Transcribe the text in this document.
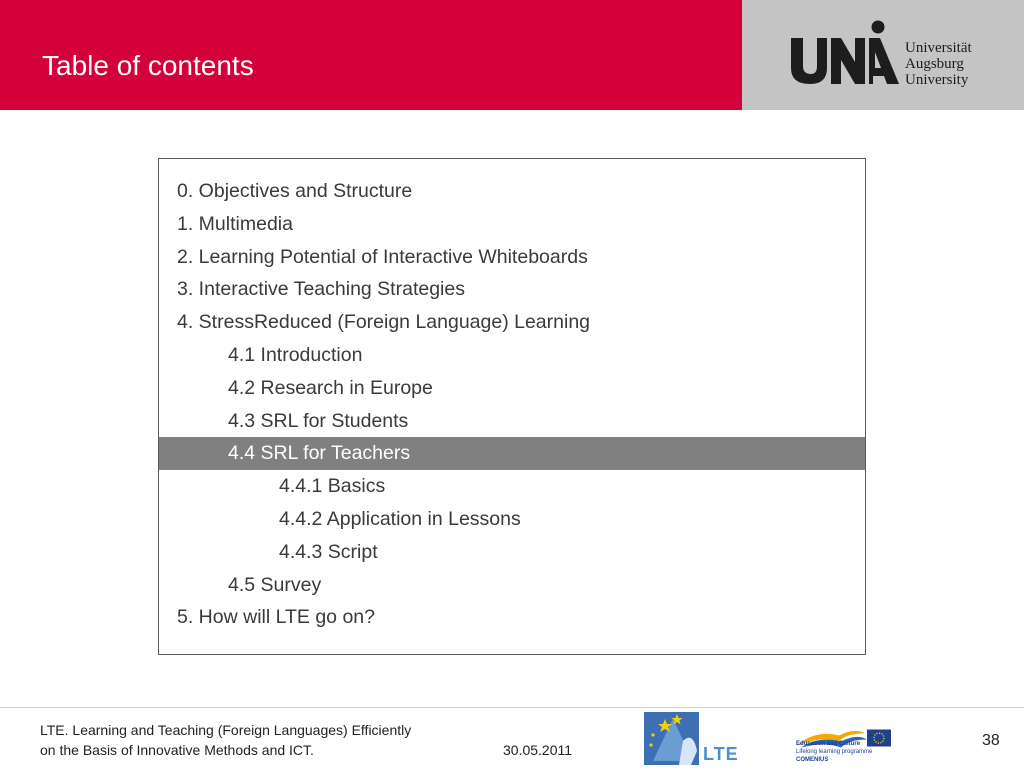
Table of contents
UNIA
Universität
Augsburg
University
0. Objectives and Structure
1. Multimedia
2. Learning Potential of Interactive Whiteboards
3. Interactive Teaching Strategies
4. StressReduced (Foreign Language) Learning
4.1 Introduction
4.2 Research in Europe
4.3 SRL for Students
4.4 SRL for Teachers
4.4.1 Basics
4.4.2 Application in Lessons
4.4.3 Script
4.5 Survey
5. How will LTE go on?
LTE. Learning and Teaching (Foreign Languages) Efficiently
on the Basis of Innovative Methods and ICT.	30.05.2011	LTE	Education and Culture
Lifelong learning programme
COMENIUS
38
